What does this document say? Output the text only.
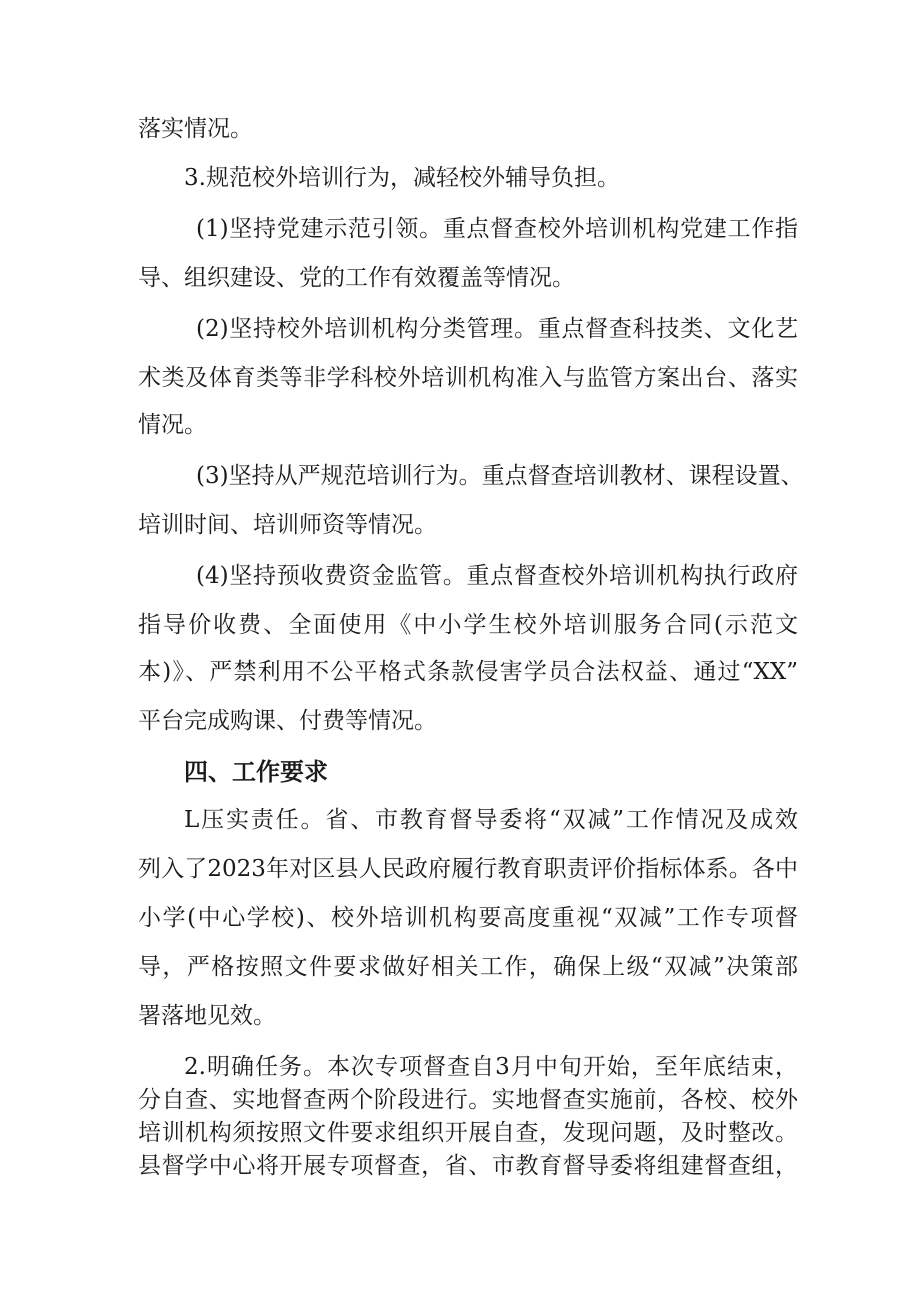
落实情况。
3.规范校外培训行为，减轻校外辅导负担。
(1)坚持党建示范引领。重点督查校外培训机构党建工作指
导、组织建设、党的工作有效覆盖等情况。
(2)坚持校外培训机构分类管理。重点督查科技类、文化艺
术类及体育类等非学科校外培训机构准入与监管方案出台、落实
情况。
(3)坚持从严规范培训行为。重点督查培训教材、课程设置、
培训时间、培训师资等情况。
(4)坚持预收费资金监管。重点督查校外培训机构执行政府
指导价收费、全面使用《中小学生校外培训服务合同(示范文
本)》、严禁利用不公平格式条款侵害学员合法权益、通过“XX”
平台完成购课、付费等情况。
四、工作要求
L压实责任。省、市教育督导委将“双减”工作情况及成效
列入了2023年对区县人民政府履行教育职责评价指标体系。各中
小学(中心学校)、校外培训机构要高度重视“双减”工作专项督
导，严格按照文件要求做好相关工作，确保上级“双减”决策部
署落地见效。
2.明确任务。本次专项督查自3月中旬开始，至年底结束，
分自查、实地督查两个阶段进行。实地督查实施前，各校、校外
培训机构须按照文件要求组织开展自查，发现问题，及时整改。
县督学中心将开展专项督查，省、市教育督导委将组建督查组，
